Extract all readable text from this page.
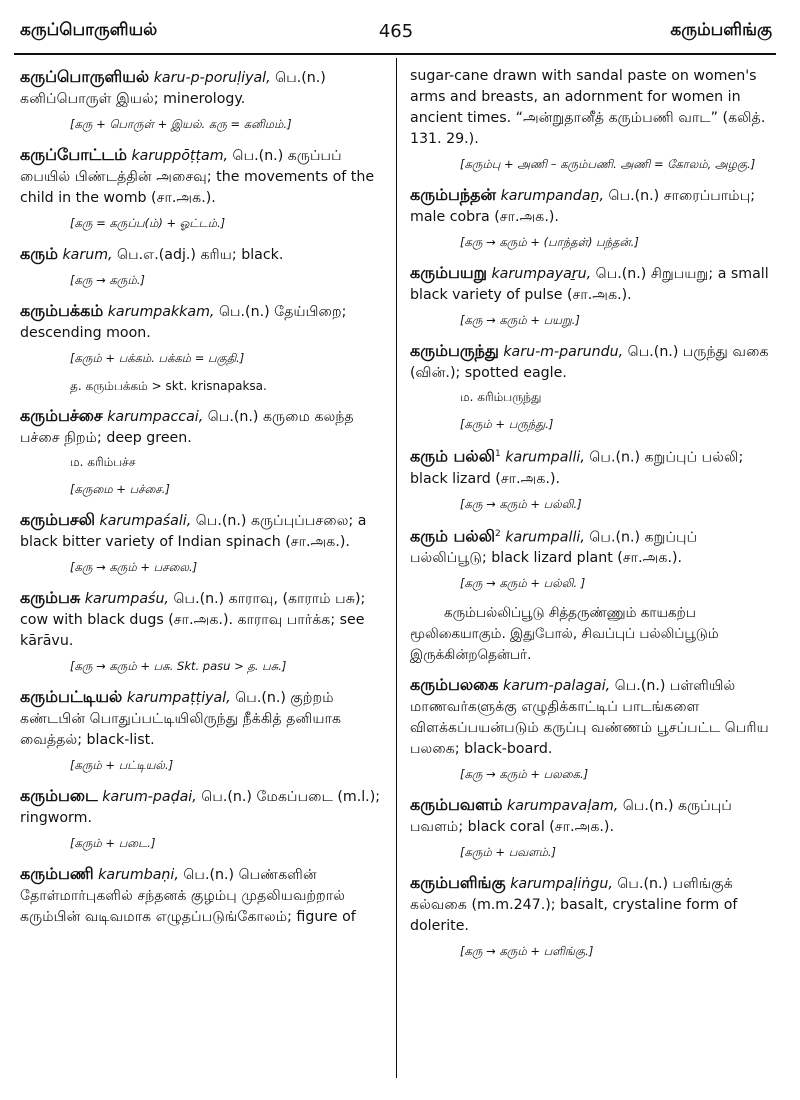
கருப்பொருளியல்	465	கரும்பளிங்கு

கருப்பொருளியல் karu-p-poruḷiyal, பெ.(n.) கனிப்பொருள் இயல்; minerology.

[கரு + பொருள் + இயல். கரு = கனிமம்.]

கருப்போட்டம் karuppōṭṭam, பெ.(n.) கருப்பப் பையில் பிண்டத்தின் அசைவு; the movements of the child in the womb (சா.அக.).

[கரு = கருப்ப(ம்) + ஓட்டம்.]

கரும் karum, பெ.எ.(adj.) கரிய; black.

[கரு → கரும்.]

கரும்பக்கம் karumpakkam, பெ.(n.) தேய்பிறை; descending moon.

[கரும் + பக்கம். பக்கம் = பகுதி.]
த. கரும்பக்கம் > skt. krisnapaksa.

கரும்பச்சை karumpaccai, பெ.(n.) கருமை கலந்த பச்சை நிறம்; deep green.

ம. கரிம்பச்ச
[கருமை + பச்சை.]

கரும்பசலி karumpaśali, பெ.(n.) கருப்புப்பசலை; a black bitter variety of Indian spinach (சா.அக.).

[கரு → கரும் + பசலை.]

கரும்பசு karumpaśu, பெ.(n.) காராவு, (காராம் பசு); cow with black dugs (சா.அக.). காராவு பார்க்க; see kārāvu.

[கரு → கரும் + பசு. Skt. pasu > த. பசு.]

கரும்பட்டியல் karumpaṭṭiyal, பெ.(n.) குற்றம் கண்டபின் பொதுப்பட்டியிலிருந்து நீக்கித் தனியாக வைத்தல்; black-list.

[கரும் + பட்டியல்.]

கரும்படை karum-paḍai, பெ.(n.) மேகப்படை (m.l.); ringworm.

[கரும் + படை.]

கரும்பணி karumbaṇi, பெ.(n.) பெண்களின் தோள்மார்புகளில் சந்தனக் குழம்பு முதலியவற்றால் கரும்பின் வடிவமாக எழுதப்படுங்கோலம்; figure of

sugar-cane drawn with sandal paste on women's arms and breasts, an adornment for women in ancient times. “அன்றுதானீத் கரும்பணி வாட” (கலித். 131. 29.).

[கரும்பு + அணி – கரும்பணி. அணி = கோலம், அழகு.]

கரும்பந்தன் karumpandaṉ, பெ.(n.) சாரைப்பாம்பு; male cobra (சா.அக.).

[கரு → கரும் + (பாந்தள்) பந்தன்.]

கரும்பயறு karumpayaṟu, பெ.(n.) சிறுபயறு; a small black variety of pulse (சா.அக.).

[கரு → கரும் + பயறு.]

கரும்பருந்து karu-m-parundu, பெ.(n.) பருந்து வகை (வின்.); spotted eagle.

ம. கரிம்பருந்து
[கரும் + பருந்து.]

கரும் பல்லி$^1$ karumpalli, பெ.(n.) கறுப்புப் பல்லி; black lizard (சா.அக.).

[கரு → கரும் + பல்லி.]

கரும் பல்லி$^2$ karumpalli, பெ.(n.) கறுப்புப் பல்லிப்பூடு; black lizard plant (சா.அக.).

[கரு → கரும் + பல்லி. ]

கரும்பல்லிப்பூடு சித்தருண்ணும் காயகற்ப மூலிகையாகும். இதுபோல், சிவப்புப் பல்லிப்பூடும் இருக்கின்றதென்பர்.

கரும்பலகை karum-palagai, பெ.(n.) பள்ளியில் மாணவர்களுக்கு எழுதிக்காட்டிப் பாடங்களை விளக்கப்பயன்படும் கருப்பு வண்ணம் பூசப்பட்ட பெரிய பலகை; black-board.

[கரு → கரும் + பலகை.]

கரும்பவளம் karumpavaḷam, பெ.(n.) கருப்புப் பவளம்; black coral (சா.அக.).

[கரும் + பவளம்.]

கரும்பளிங்கு karumpaḷiṅgu, பெ.(n.) பளிங்குக் கல்வகை (m.m.247.); basalt, crystaline form of dolerite.

[கரு → கரும் + பளிங்கு.]
